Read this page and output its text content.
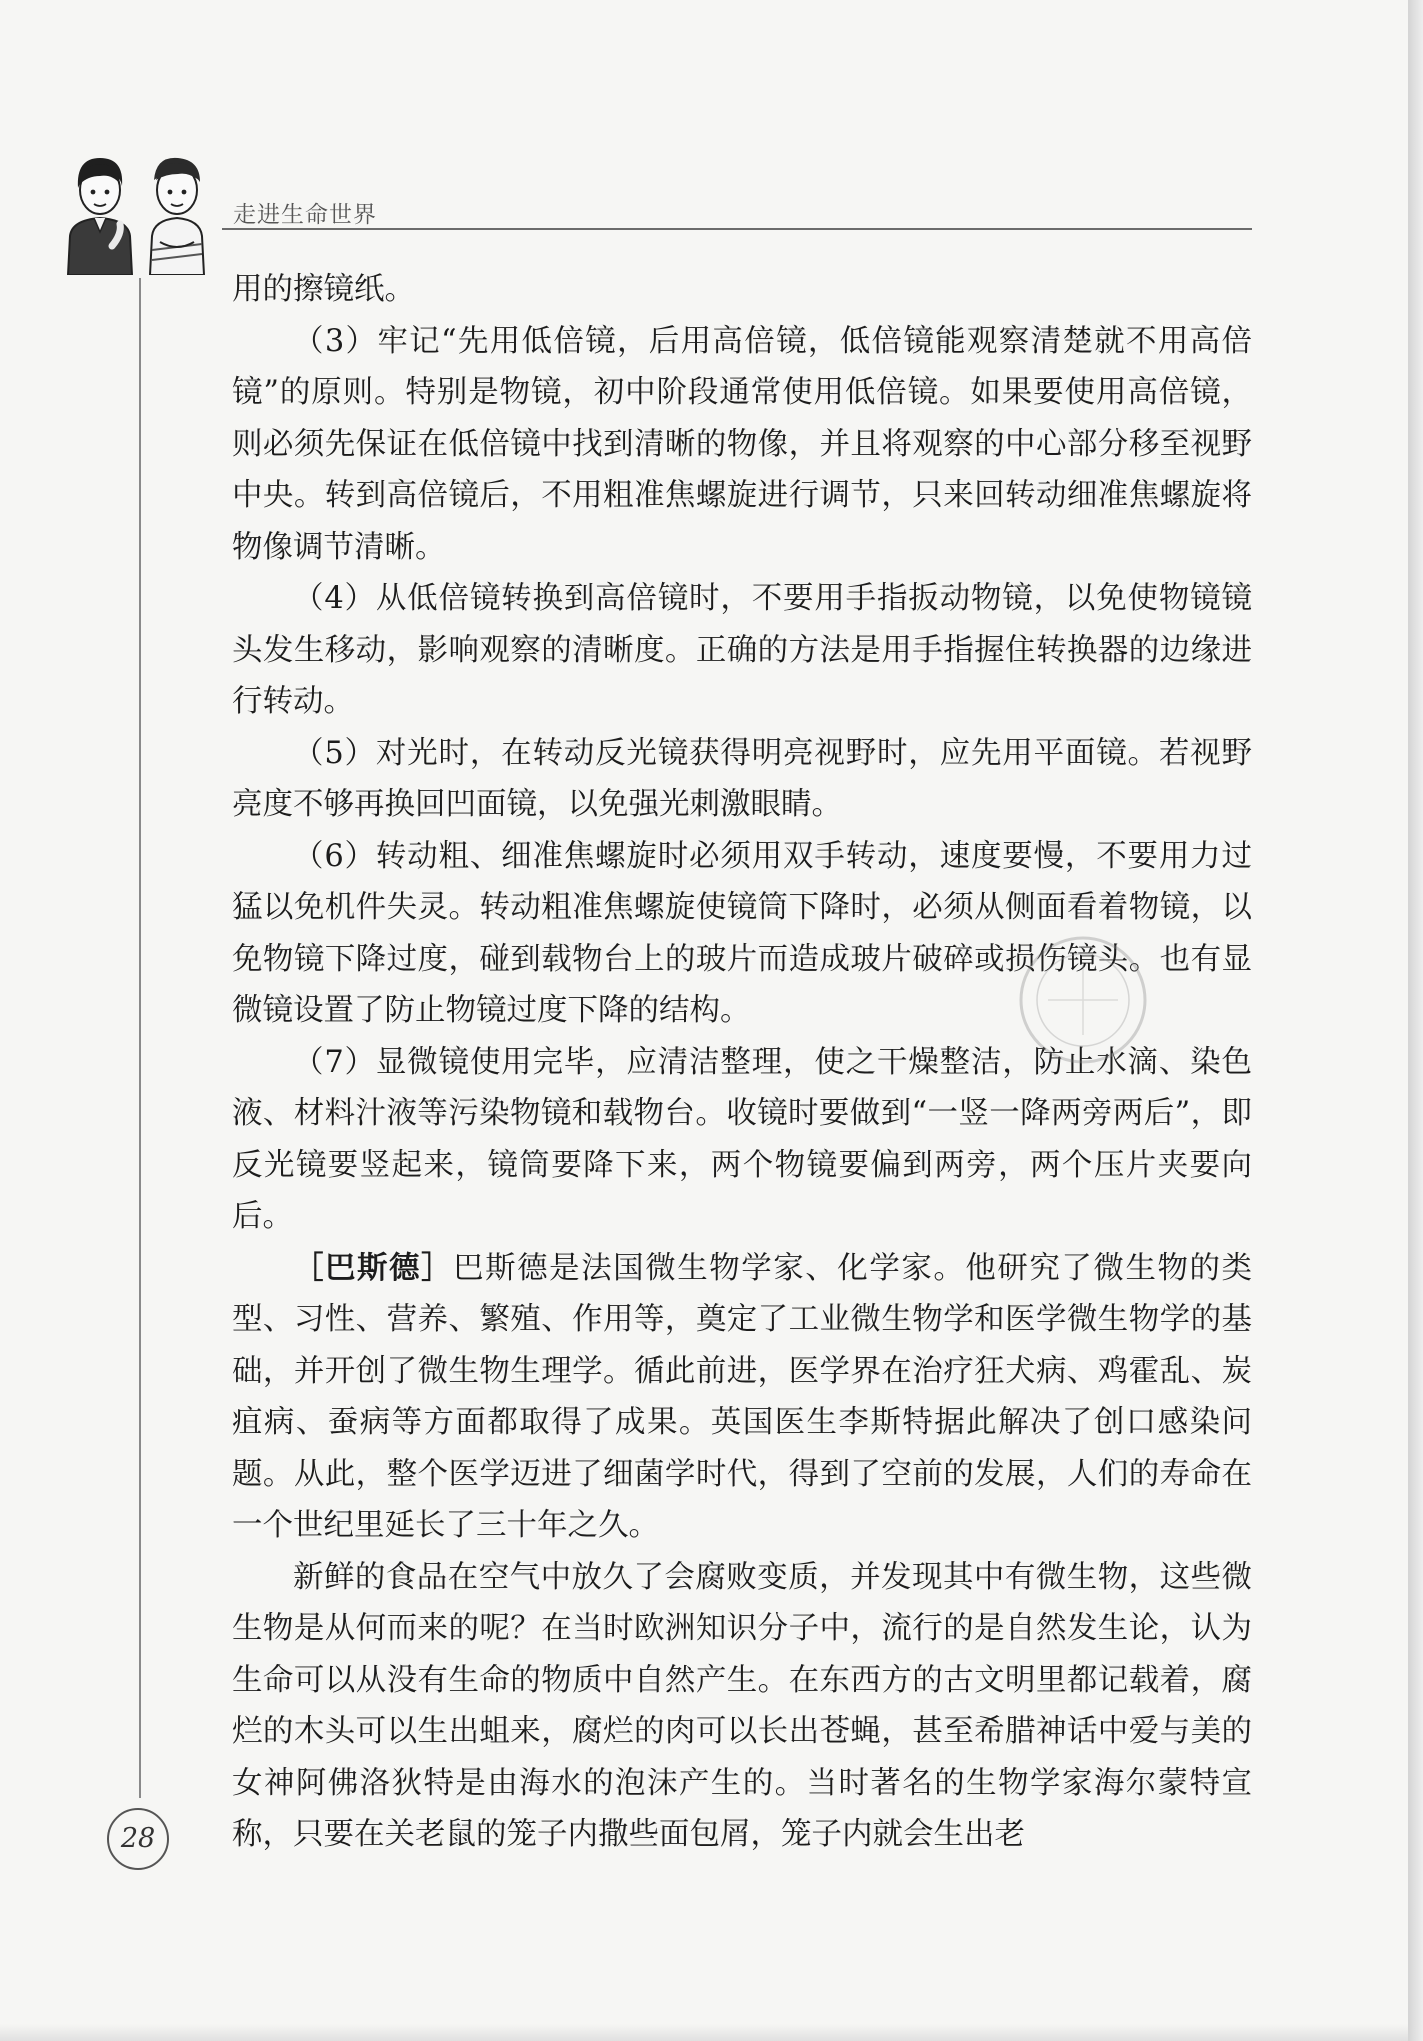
走进生命世界

用的擦镜纸。

（3）牢记“先用低倍镜，后用高倍镜，低倍镜能观察清楚就不用高倍镜”的原则。特别是物镜，初中阶段通常使用低倍镜。如果要使用高倍镜，则必须先保证在低倍镜中找到清晰的物像，并且将观察的中心部分移至视野中央。转到高倍镜后，不用粗准焦螺旋进行调节，只来回转动细准焦螺旋将物像调节清晰。

（4）从低倍镜转换到高倍镜时，不要用手指扳动物镜，以免使物镜镜头发生移动，影响观察的清晰度。正确的方法是用手指握住转换器的边缘进行转动。

（5）对光时，在转动反光镜获得明亮视野时，应先用平面镜。若视野亮度不够再换回凹面镜，以免强光刺激眼睛。

（6）转动粗、细准焦螺旋时必须用双手转动，速度要慢，不要用力过猛以免机件失灵。转动粗准焦螺旋使镜筒下降时，必须从侧面看着物镜，以免物镜下降过度，碰到载物台上的玻片而造成玻片破碎或损伤镜头。也有显微镜设置了防止物镜过度下降的结构。

（7）显微镜使用完毕，应清洁整理，使之干燥整洁，防止水滴、染色液、材料汁液等污染物镜和载物台。收镜时要做到“一竖一降两旁两后”，即反光镜要竖起来，镜筒要降下来，两个物镜要偏到两旁，两个压片夹要向后。

［巴斯德］巴斯德是法国微生物学家、化学家。他研究了微生物的类型、习性、营养、繁殖、作用等，奠定了工业微生物学和医学微生物学的基础，并开创了微生物生理学。循此前进，医学界在治疗狂犬病、鸡霍乱、炭疽病、蚕病等方面都取得了成果。英国医生李斯特据此解决了创口感染问题。从此，整个医学迈进了细菌学时代，得到了空前的发展，人们的寿命在一个世纪里延长了三十年之久。

新鲜的食品在空气中放久了会腐败变质，并发现其中有微生物，这些微生物是从何而来的呢？在当时欧洲知识分子中，流行的是自然发生论，认为生命可以从没有生命的物质中自然产生。在东西方的古文明里都记载着，腐烂的木头可以生出蛆来，腐烂的肉可以长出苍蝇，甚至希腊神话中爱与美的女神阿佛洛狄特是由海水的泡沫产生的。当时著名的生物学家海尔蒙特宣称，只要在关老鼠的笼子内撒些面包屑，笼子内就会生出老

28
